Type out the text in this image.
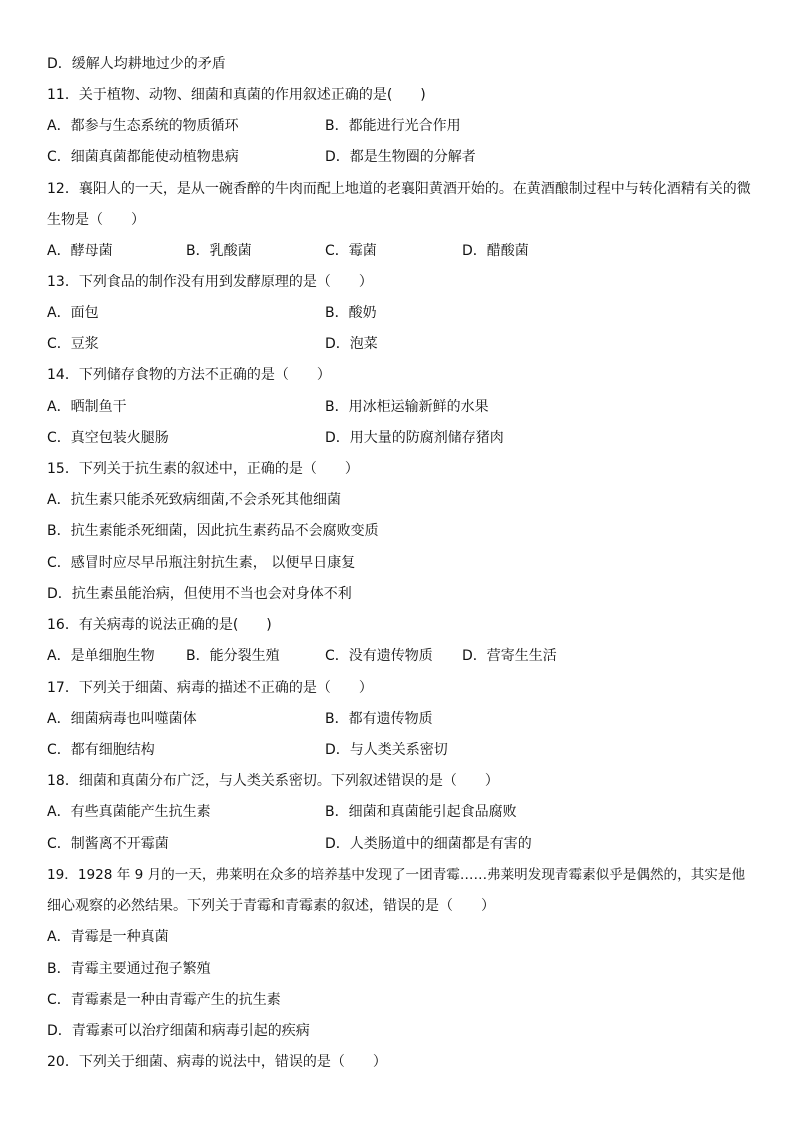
D．缓解人均耕地过少的矛盾
11．关于植物、动物、细菌和真菌的作用叙述正确的是(　　)
A．都参与生态系统的物质循环	B．都能进行光合作用
C．细菌真菌都能使动植物患病	D．都是生物圈的分解者
12．襄阳人的一天，是从一碗香醉的牛肉而配上地道的老襄阳黄酒开始的。在黄酒酿制过程中与转化酒精有关的微
生物是（　　）
A．酵母菌	B．乳酸菌	C．霉菌	D．醋酸菌
13．下列食品的制作没有用到发酵原理的是（　　）
A．面包	B．酸奶
C．豆浆	D．泡菜
14．下列储存食物的方法不正确的是（　　）
A．晒制鱼干	B．用冰柜运输新鲜的水果
C．真空包装火腿肠	D．用大量的防腐剂储存猪肉
15．下列关于抗生素的叙述中，正确的是（　　）
A．抗生素只能杀死致病细菌,不会杀死其他细菌
B．抗生素能杀死细菌，因此抗生素药品不会腐败变质
C．感冒时应尽早吊瓶注射抗生素， 以便早日康复
D．抗生素虽能治病，但使用不当也会对身体不利
16．有关病毒的说法正确的是(　　)
A．是单细胞生物 B．能分裂生殖	C．没有遗传物质 D．营寄生生活
17．下列关于细菌、病毒的描述不正确的是（　　）
A．细菌病毒也叫噬菌体	B．都有遗传物质
C．都有细胞结构	D．与人类关系密切
18．细菌和真菌分布广泛，与人类关系密切。下列叙述错误的是（　　）
A．有些真菌能产生抗生素	B．细菌和真菌能引起食品腐败
C．制酱离不开霉菌	D．人类肠道中的细菌都是有害的
19．1928 年 9 月的一天，弗莱明在众多的培养基中发现了一团青霉……弗莱明发现青霉素似乎是偶然的，其实是他
细心观察的必然结果。下列关于青霉和青霉素的叙述，错误的是（　　）
A．青霉是一种真菌
B．青霉主要通过孢子繁殖
C．青霉素是一种由青霉产生的抗生素
D．青霉素可以治疗细菌和病毒引起的疾病
20．下列关于细菌、病毒的说法中，错误的是（　　）
